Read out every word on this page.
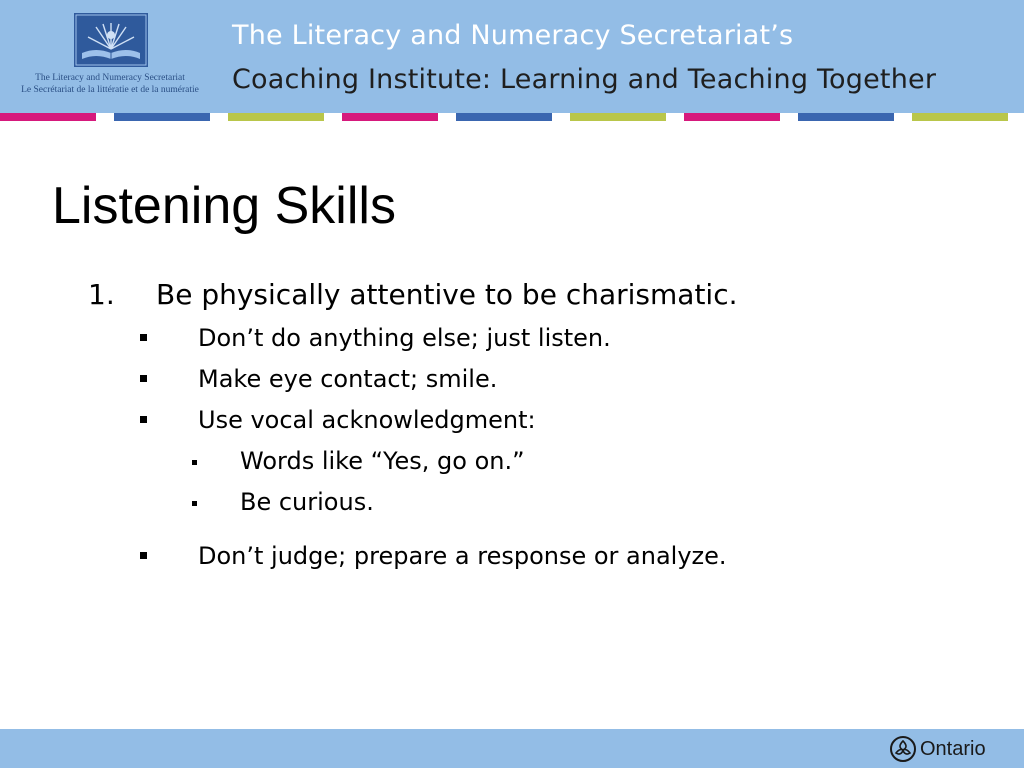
The Literacy and Numeracy Secretariat
Le Secrétariat de la littératie et de la numératie
The Literacy and Numeracy Secretariat’s
Coaching Institute: Learning and Teaching Together
Listening Skills
1. Be physically attentive to be charismatic.
Don’t do anything else; just listen.
Make eye contact; smile.
Use vocal acknowledgment:
Words like “Yes, go on.”
Be curious.
Don’t judge; prepare a response or analyze.
Ontario
